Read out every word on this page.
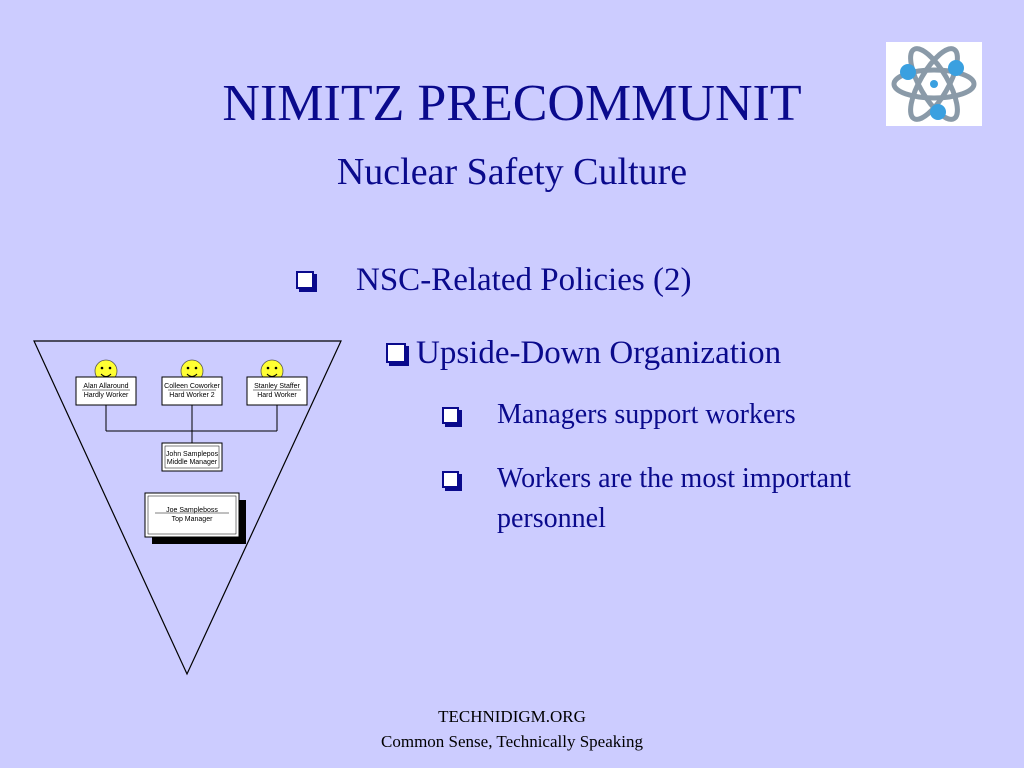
NIMITZ PRECOMMUNIT
Nuclear Safety Culture
NSC-Related Policies (2)
Upside-Down Organization
Managers support workers
Workers are the most important personnel
Alan Allaround
Hardly Worker
Colleen Coworker
Hard Worker 2
Stanley Staffer
Hard Worker
John Samplepos
Middle Manager
Joe Sampleboss
Top Manager
TECHNIDIGM.ORG
Common Sense, Technically Speaking
